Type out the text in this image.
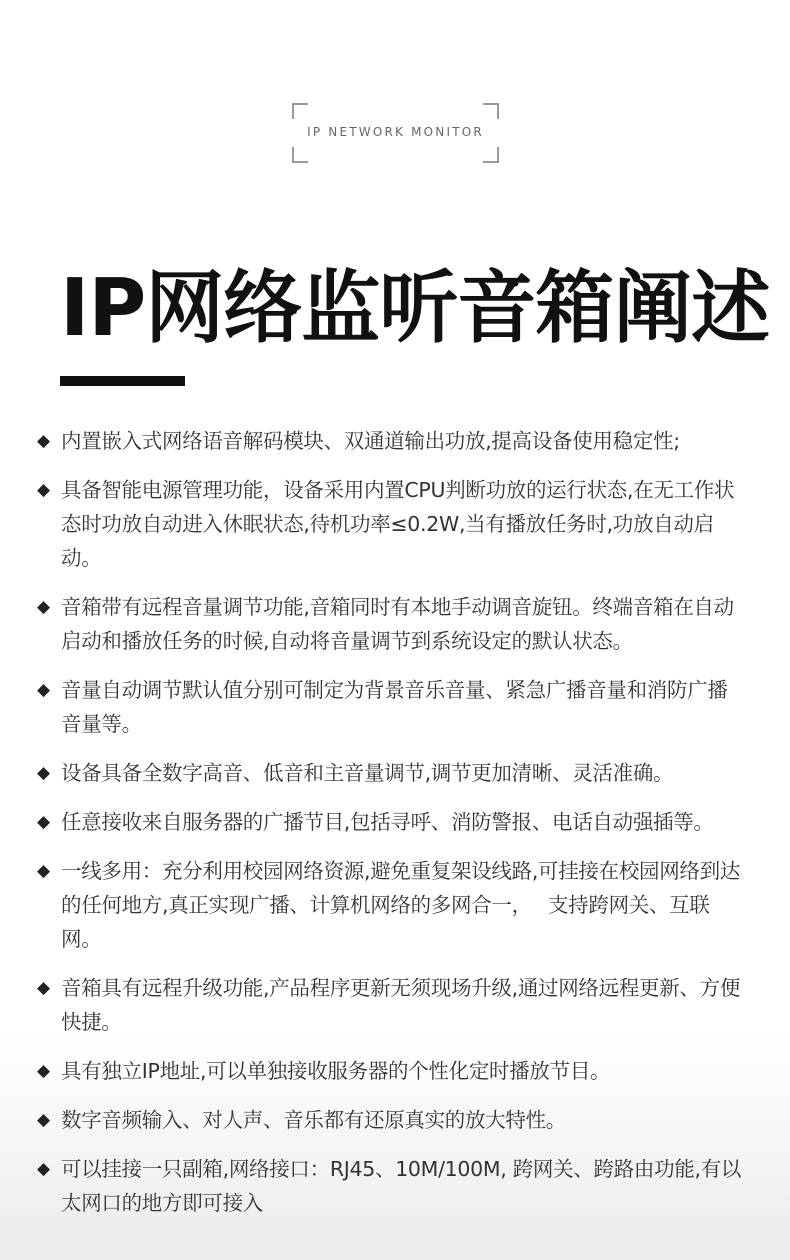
IP NETWORK MONITOR
IP网络监听音箱阐述
◆ 内置嵌入式网络语音解码模块、双通道输出功放,提高设备使用稳定性;
◆ 具备智能电源管理功能，设备采用内置CPU判断功放的运行状态,在无工作状态时功放自动进入休眠状态,待机功率≤0.2W,当有播放任务时,功放自动启动。
◆ 音箱带有远程音量调节功能,音箱同时有本地手动调音旋钮。终端音箱在自动启动和播放任务的时候,自动将音量调节到系统设定的默认状态。
◆ 音量自动调节默认值分别可制定为背景音乐音量、紧急广播音量和消防广播音量等。
◆ 设备具备全数字高音、低音和主音量调节,调节更加清晰、灵活准确。
◆ 任意接收来自服务器的广播节目,包括寻呼、消防警报、电话自动强插等。
◆ 一线多用：充分利用校园网络资源,避免重复架设线路,可挂接在校园网络到达的任何地方,真正实现广播、计算机网络的多网合一，　 支持跨网关、互联网。
◆ 音箱具有远程升级功能,产品程序更新无须现场升级,通过网络远程更新、方便快捷。
◆ 具有独立IP地址,可以单独接收服务器的个性化定时播放节目。
◆ 数字音频输入、对人声、音乐都有还原真实的放大特性。
◆ 可以挂接一只副箱,网络接口：RJ45、10M/100M, 跨网关、跨路由功能,有以太网口的地方即可接入
